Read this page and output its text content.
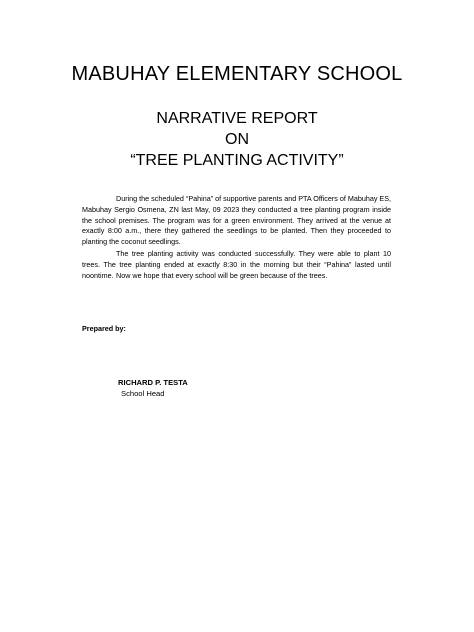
MABUHAY ELEMENTARY SCHOOL
NARRATIVE REPORT
ON
“TREE PLANTING ACTIVITY”
During the scheduled “Pahina” of supportive parents and PTA Officers of Mabuhay ES, Mabuhay Sergio Osmena, ZN last May, 09 2023 they conducted a tree planting program inside the school premises. The program was for a green environment. They arrived at the venue at exactly 8:00 a.m., there they gathered the seedlings to be planted. Then they proceeded to planting the coconut seedlings.
The tree planting activity was conducted successfully. They were able to plant 10 trees. The tree planting ended at exactly 8:30 in the morning but their “Pahina” lasted until noontime. Now we hope that every school will be green because of the trees.
Prepared by:
RICHARD P. TESTA
School Head
